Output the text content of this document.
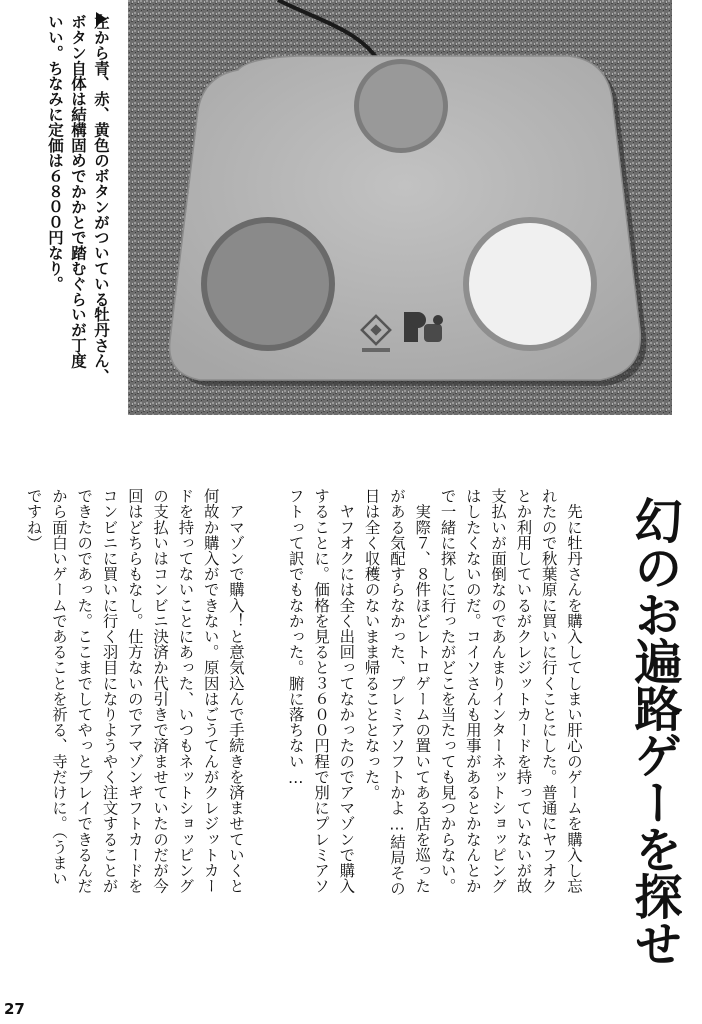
左から青、赤、黄色のボタンがついている牡丹さん、
ボタン自体は結構固めでかかとで踏むぐらいが丁度
いい。ちなみに定価は６８００円なり。

幻のお遍路ゲーを探せ

　先に牡丹さんを購入してしまい肝心のゲームを購入し忘
れたので秋葉原に買いに行くことにした。普通にヤフオク
とか利用しているがクレジットカードを持っていないが故
支払いが面倒なのであんまりインターネットショッピング
はしたくないのだ。コイソさんも用事があるとかなんとか
で一緒に探しに行ったがどこを当たっても見つからない。
　実際７、８件ほどレトロゲームの置いてある店を巡った
がある気配すらなかった、プレミアソフトかよ…結局その
日は全く収穫のないまま帰ることとなった。
　ヤフオクには全く出回ってなかったのでアマゾンで購入
することに。価格を見ると３６００円程で別にプレミアソ
フトって訳でもなかった。腑に落ちない…

　アマゾンで購入！と意気込んで手続きを済ませていくと
何故か購入ができない。原因はごうてんがクレジットカー
ドを持ってないことにあった、いつもネットショッピング
の支払いはコンビニ決済か代引きで済ませていたのだが今
回はどちらもなし。仕方ないのでアマゾンギフトカードを
コンビニに買いに行く羽目になりようやく注文することが
できたのであった。ここまでしてやっとプレイできるんだ
から面白いゲームであることを祈る、寺だけに。（うまい
ですね）

27
